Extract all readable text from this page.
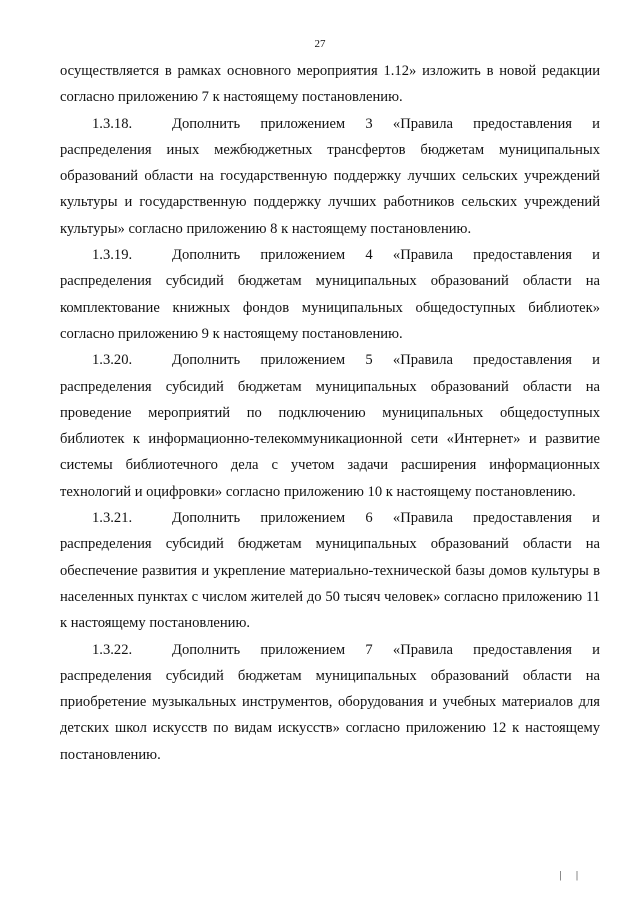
27

осуществляется в рамках основного мероприятия 1.12» изложить в новой редакции согласно приложению 7 к настоящему постановлению.

1.3.18.	Дополнить приложением 3 «Правила предоставления и распределения иных межбюджетных трансфертов бюджетам муниципальных образований области на государственную поддержку лучших сельских учреждений культуры и государственную поддержку лучших работников сельских учреждений культуры» согласно приложению 8 к настоящему постановлению.

1.3.19.	Дополнить приложением 4 «Правила предоставления и распределения субсидий бюджетам муниципальных образований области на комплектование книжных фондов муниципальных общедоступных библиотек» согласно приложению 9 к настоящему постановлению.

1.3.20.	Дополнить приложением 5 «Правила предоставления и распределения субсидий бюджетам муниципальных образований области на проведение мероприятий по подключению муниципальных общедоступных библиотек к информационно-телекоммуникационной сети «Интернет» и развитие системы библиотечного дела с учетом задачи расширения информационных технологий и оцифровки» согласно приложению 10 к настоящему постановлению.

1.3.21.	Дополнить приложением 6 «Правила предоставления и распределения субсидий бюджетам муниципальных образований области на обеспечение развития и укрепление материально-технической базы домов культуры в населенных пунктах с числом жителей до 50 тысяч человек» согласно приложению 11 к настоящему постановлению.

1.3.22.	Дополнить приложением 7 «Правила предоставления и распределения субсидий бюджетам муниципальных образований области на приобретение музыкальных инструментов, оборудования и учебных материалов для детских школ искусств по видам искусств» согласно приложению 12 к настоящему постановлению.

| |
